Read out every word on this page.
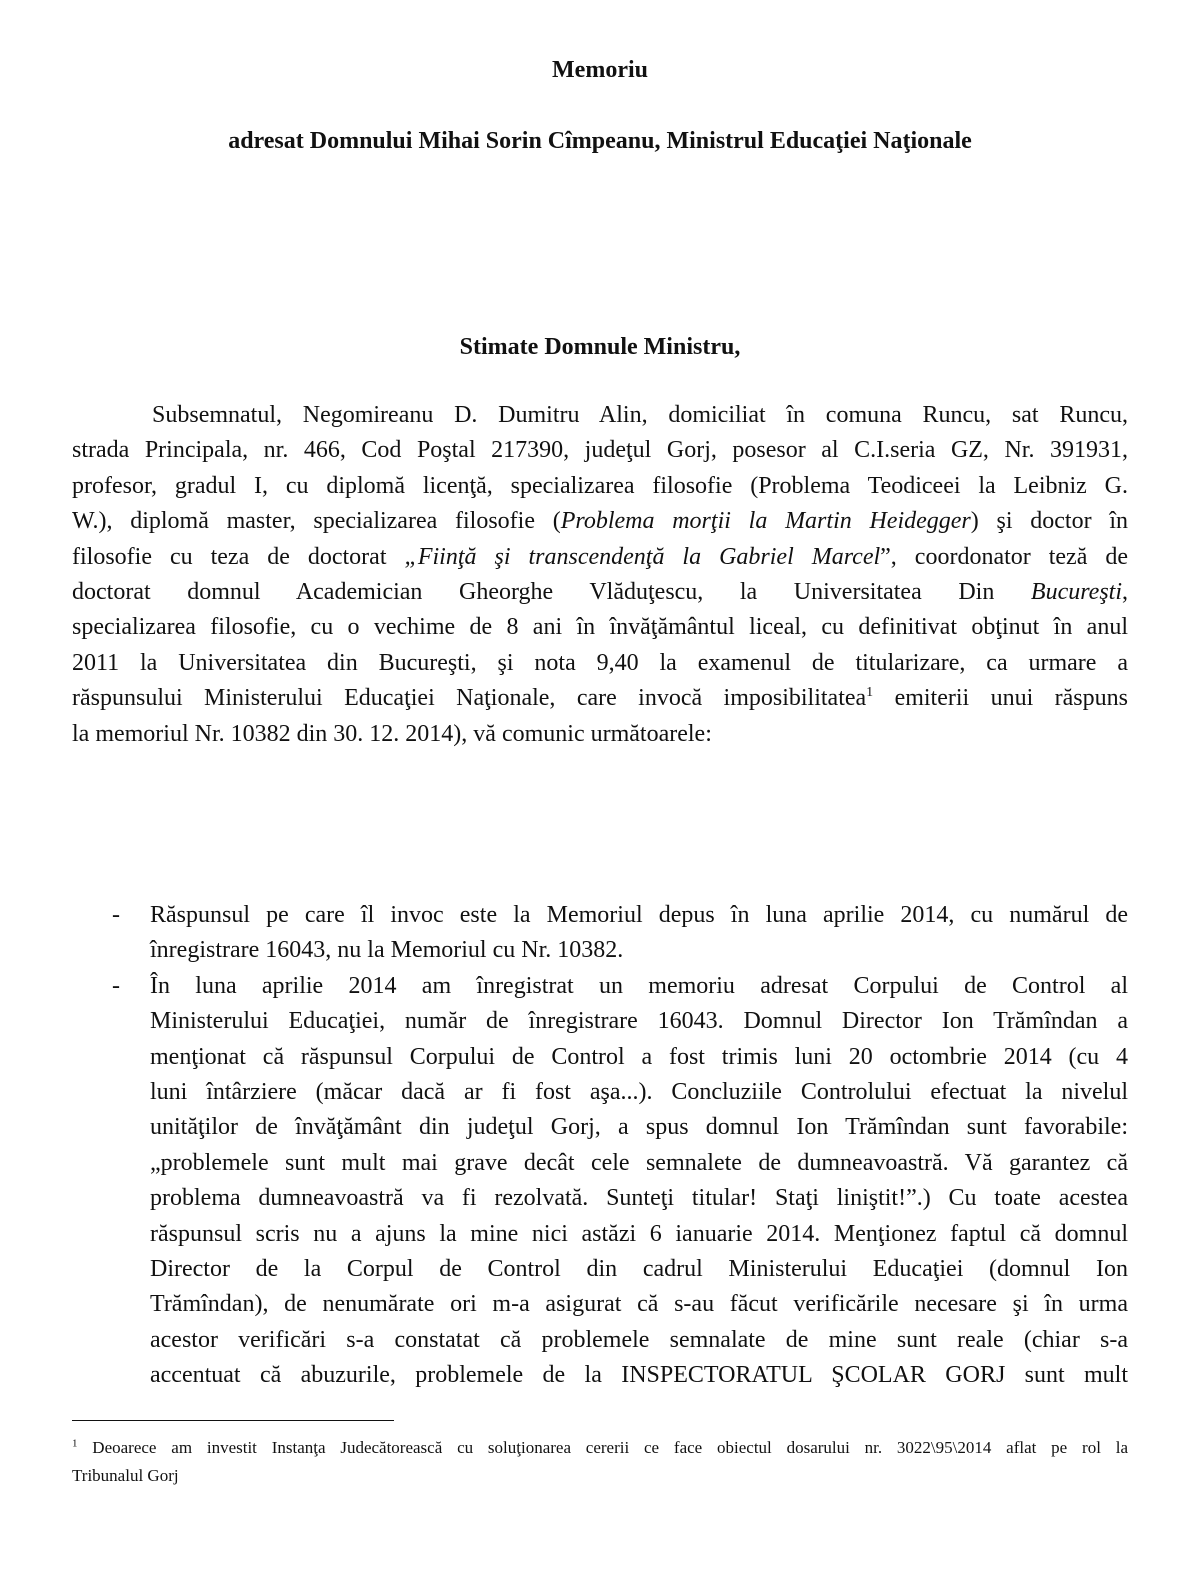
Memoriu
adresat Domnului Mihai Sorin Cîmpeanu, Ministrul Educaţiei Naţionale
Stimate Domnule Ministru,
Subsemnatul, Negomireanu D. Dumitru Alin, domiciliat în comuna Runcu, sat Runcu,
strada Principala, nr. 466, Cod Poştal 217390, judeţul Gorj, posesor al C.I.seria GZ, Nr. 391931,
profesor, gradul I, cu diplomă licenţă, specializarea filosofie (Problema Teodiceei la Leibniz G.
W.), diplomă master, specializarea filosofie (Problema morţii la Martin Heidegger) şi doctor în
filosofie cu teza de doctorat „Fiinţă şi transcendenţă la Gabriel Marcel”, coordonator teză de
doctorat domnul Academician Gheorghe Vlăduţescu, la Universitatea Din Bucureşti,
specializarea filosofie, cu o vechime de 8 ani în învăţământul liceal, cu definitivat obţinut în anul
2011 la Universitatea din Bucureşti, şi nota 9,40 la examenul de titularizare, ca urmare a
răspunsului Ministerului Educaţiei Naţionale, care invocă imposibilitatea$^1$ emiterii unui răspuns
la memoriul Nr. 10382 din 30. 12. 2014), vă comunic următoarele:
- Răspunsul pe care îl invoc este la Memoriul depus în luna aprilie 2014, cu numărul de
înregistrare 16043, nu la Memoriul cu Nr. 10382.
- În luna aprilie 2014 am înregistrat un memoriu adresat Corpului de Control al
Ministerului Educaţiei, număr de înregistrare 16043. Domnul Director Ion Trămîndan a
menţionat că răspunsul Corpului de Control a fost trimis luni 20 octombrie 2014 (cu 4
luni întârziere (măcar dacă ar fi fost aşa...). Concluziile Controlului efectuat la nivelul
unităţilor de învăţământ din judeţul Gorj, a spus domnul Ion Trămîndan sunt favorabile:
„problemele sunt mult mai grave decât cele semnalete de dumneavoastră. Vă garantez că
problema dumneavoastră va fi rezolvată. Sunteţi titular! Staţi liniştit!”.) Cu toate acestea
răspunsul scris nu a ajuns la mine nici astăzi 6 ianuarie 2014. Menţionez faptul că domnul
Director de la Corpul de Control din cadrul Ministerului Educaţiei (domnul Ion
Trămîndan), de nenumărate ori m-a asigurat că s-au făcut verificările necesare şi în urma
acestor verificări s-a constatat că problemele semnalate de mine sunt reale (chiar s-a
accentuat că abuzurile, problemele de la INSPECTORATUL ŞCOLAR GORJ sunt mult
$^1$ Deoarece am investit Instanţa Judecătorească cu soluţionarea cererii ce face obiectul dosarului nr. 3022\95\2014 aflat pe rol la
Tribunalul Gorj
